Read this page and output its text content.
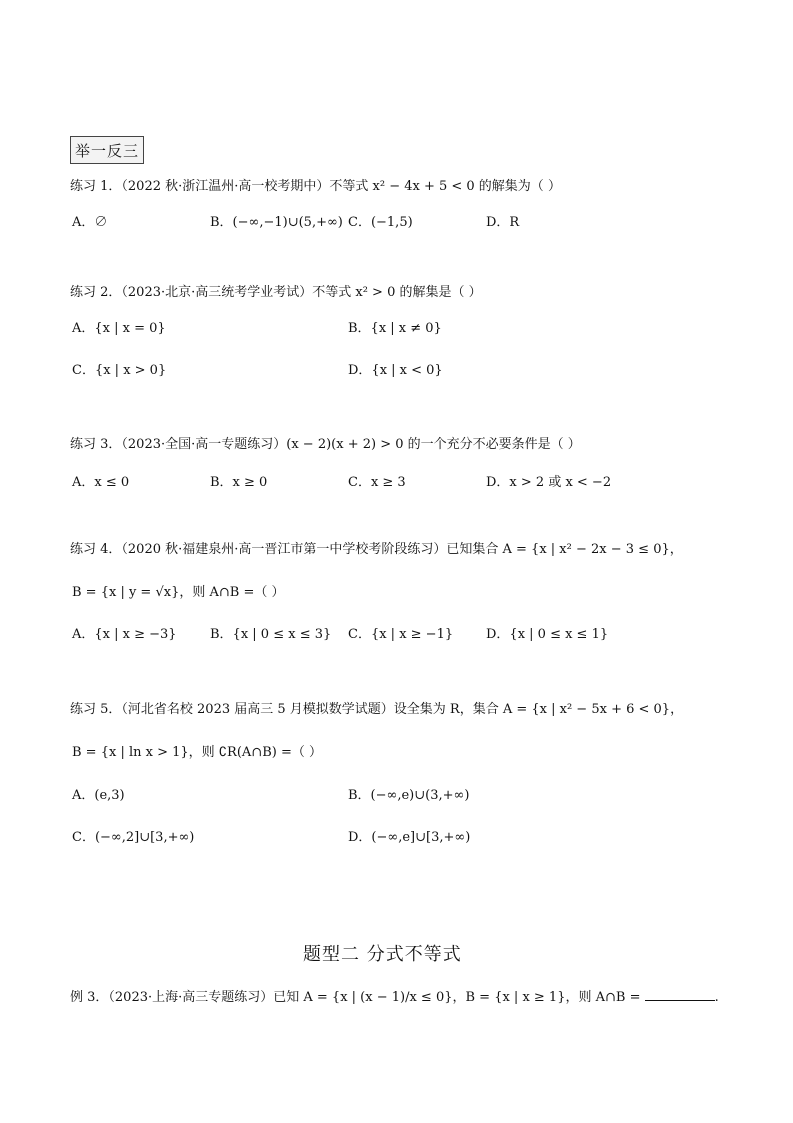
举一反三
练习 1．（2022 秋·浙江温州·高一校考期中）不等式 x² − 4x + 5 < 0 的解集为（ ）
A．∅	B．(−∞,−1)∪(5,+∞) C．(−1,5)	D．R
练习 2．（2023·北京·高三统考学业考试）不等式 x² > 0 的解集是（ ）
A．{x | x = 0}	B．{x | x ≠ 0}
C．{x | x > 0}	D．{x | x < 0}
练习 3．（2023·全国·高一专题练习）(x − 2)(x + 2) > 0 的一个充分不必要条件是（ ）
A．x ≤ 0	B．x ≥ 0	C．x ≥ 3	D．x > 2 或 x < −2
练习 4．（2020 秋·福建泉州·高一晋江市第一中学校考阶段练习）已知集合 A = {x | x² − 2x − 3 ≤ 0}，
B = {x | y = √x}，则 A∩B =（ ）
A．{x | x ≥ −3}	B．{x | 0 ≤ x ≤ 3} C．{x | x ≥ −1}	D．{x | 0 ≤ x ≤ 1}
练习 5．（河北省名校 2023 届高三 5 月模拟数学试题）设全集为 R，集合 A = {x | x² − 5x + 6 < 0}，
B = {x | ln x > 1}，则 ∁R(A∩B) =（ ）
A．(e,3)	B．(−∞,e)∪(3,+∞)
C．(−∞,2]∪[3,+∞)	D．(−∞,e]∪[3,+∞)
题型二 分式不等式
例 3．（2023·上海·高三专题练习）已知 A = {x | (x − 1)/x ≤ 0}，B = {x | x ≥ 1}，则 A∩B =	.
